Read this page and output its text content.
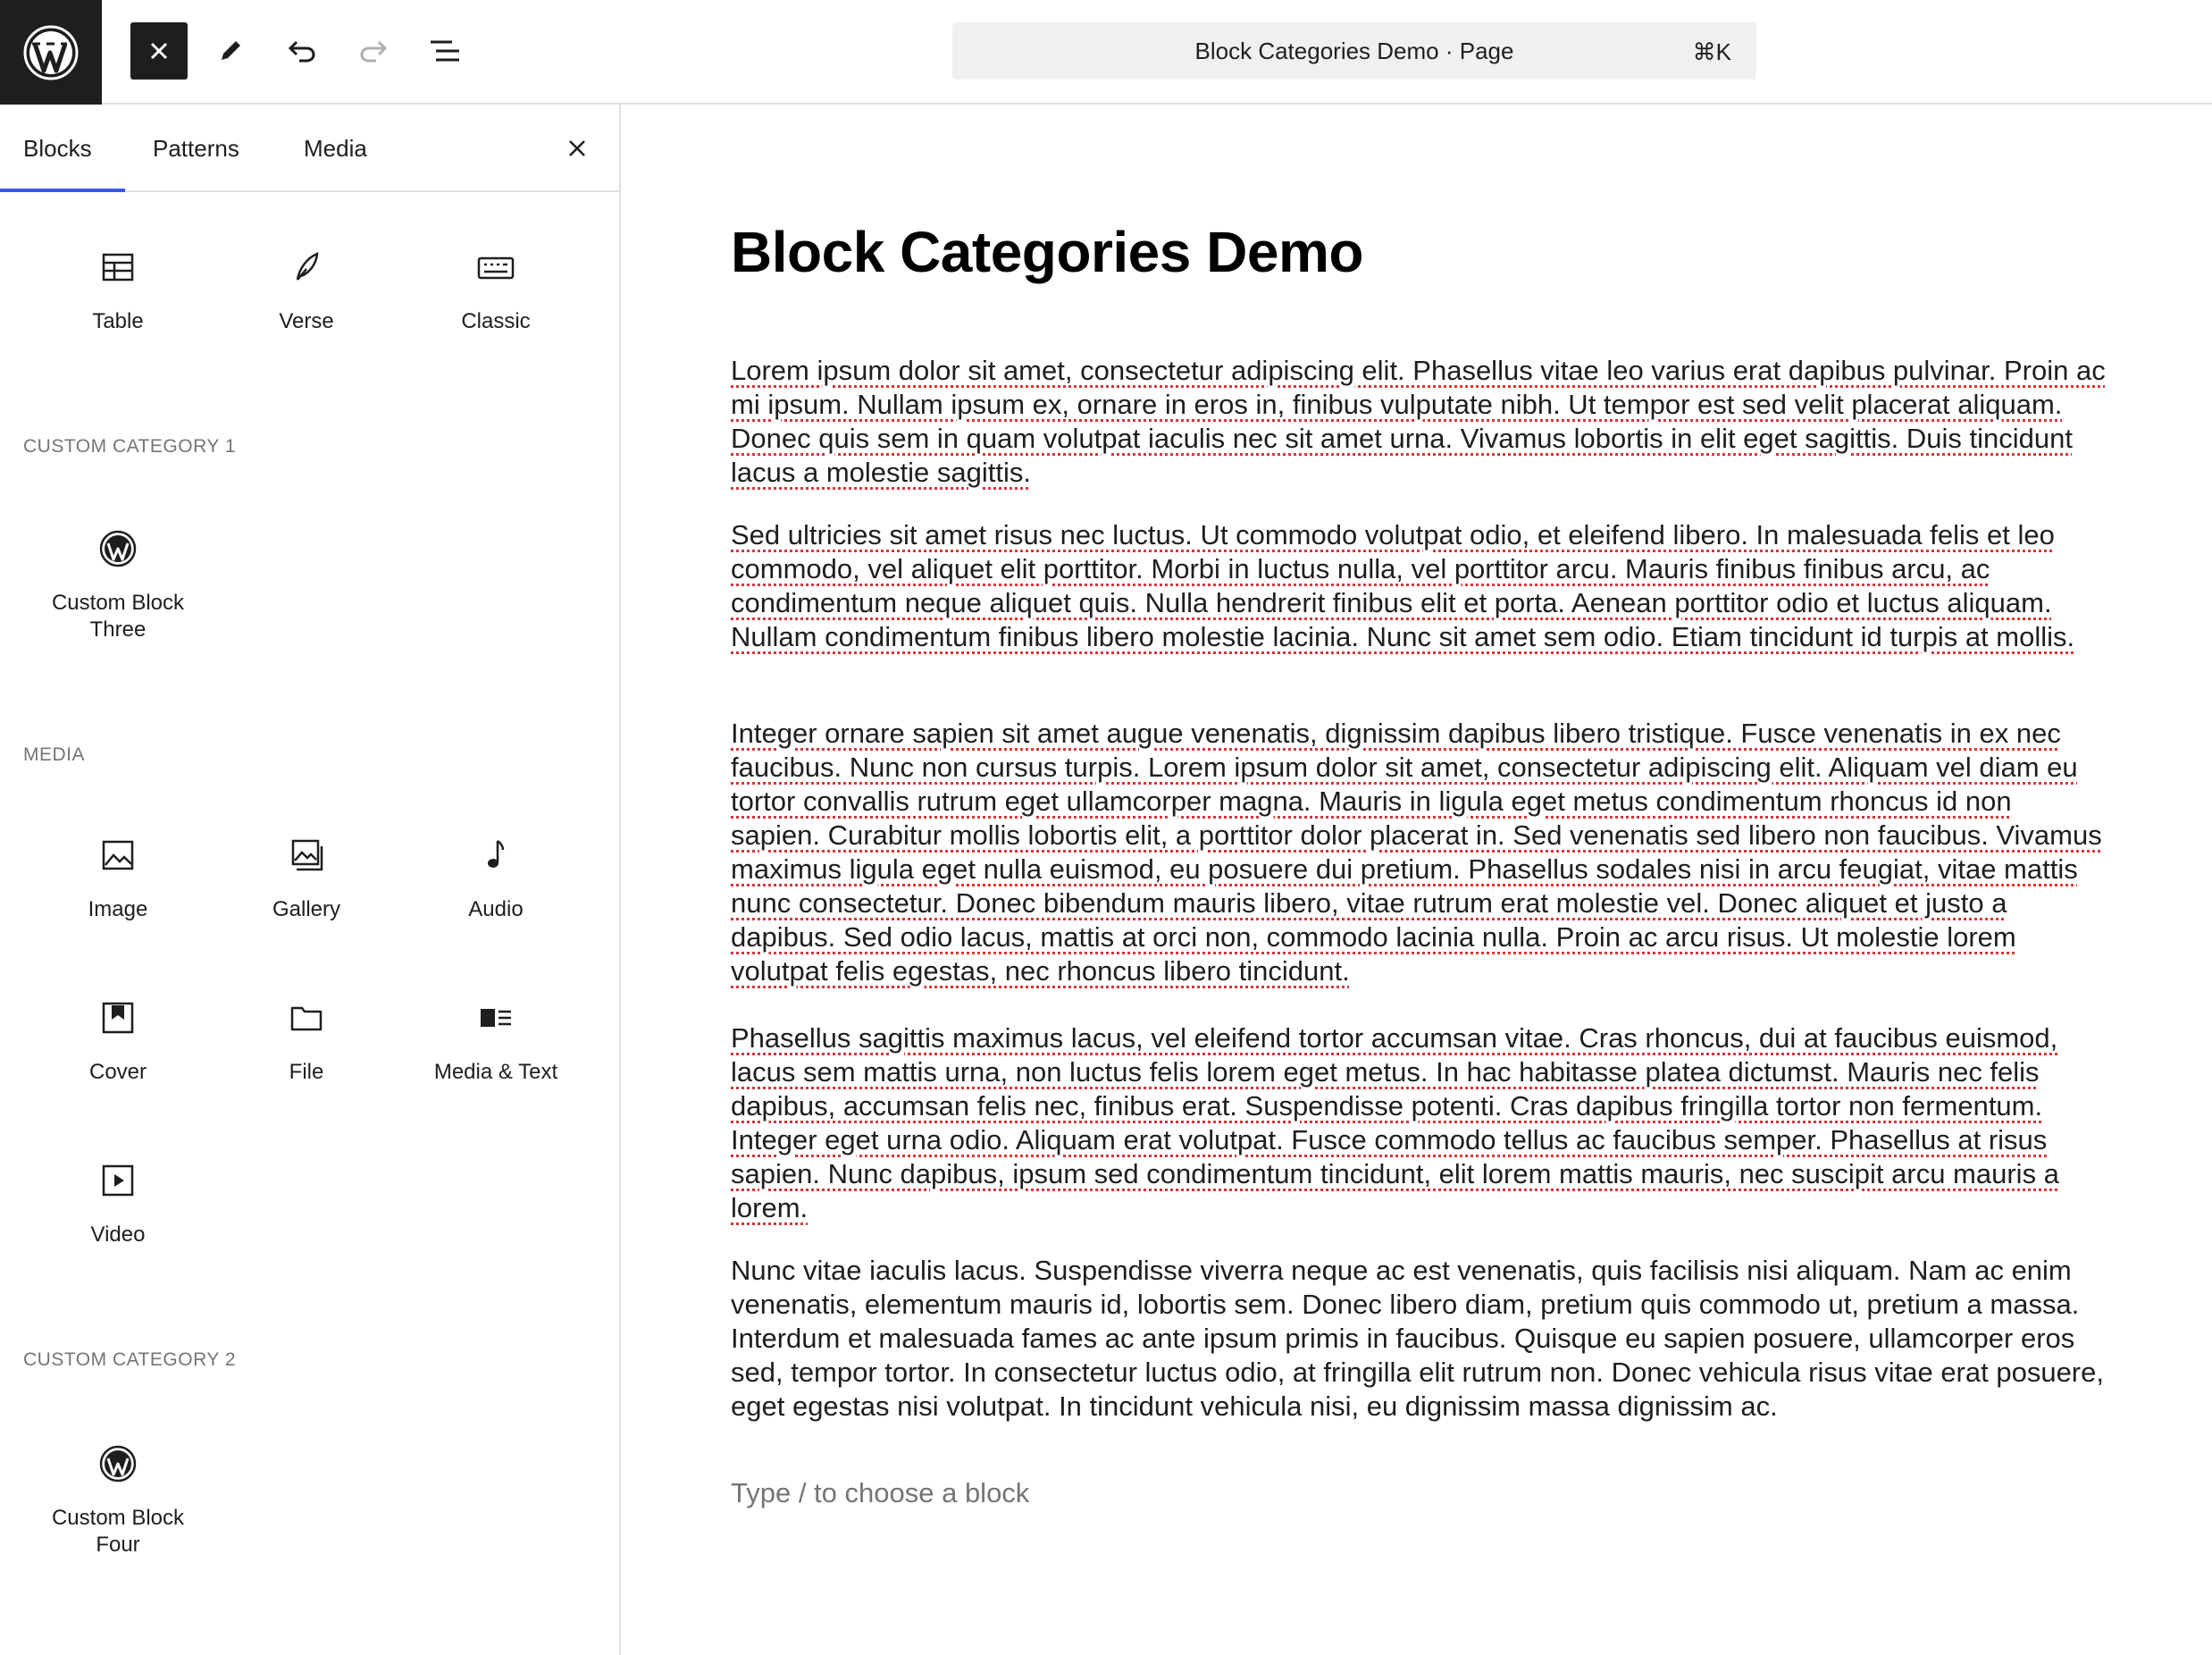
Block Categories Demo · Page	⌘K
Blocks	Patterns	Media
Table	Verse	Classic
CUSTOM CATEGORY 1
Custom Block Three
MEDIA
Image	Gallery	Audio
Cover	File	Media & Text
Video
CUSTOM CATEGORY 2
Custom Block Four
Block Categories Demo

Lorem ipsum dolor sit amet, consectetur adipiscing elit. Phasellus vitae leo varius erat dapibus pulvinar. Proin ac mi ipsum. Nullam ipsum ex, ornare in eros in, finibus vulputate nibh. Ut tempor est sed velit placerat aliquam. Donec quis sem in quam volutpat iaculis nec sit amet urna. Vivamus lobortis in elit eget sagittis. Duis tincidunt lacus a molestie sagittis.

Sed ultricies sit amet risus nec luctus. Ut commodo volutpat odio, et eleifend libero. In malesuada felis et leo commodo, vel aliquet elit porttitor. Morbi in luctus nulla, vel porttitor arcu. Mauris finibus finibus arcu, ac condimentum neque aliquet quis. Nulla hendrerit finibus elit et porta. Aenean porttitor odio et luctus aliquam. Nullam condimentum finibus libero molestie lacinia. Nunc sit amet sem odio. Etiam tincidunt id turpis at mollis.

Integer ornare sapien sit amet augue venenatis, dignissim dapibus libero tristique. Fusce venenatis in ex nec faucibus. Nunc non cursus turpis. Lorem ipsum dolor sit amet, consectetur adipiscing elit. Aliquam vel diam eu tortor convallis rutrum eget ullamcorper magna. Mauris in ligula eget metus condimentum rhoncus id non sapien. Curabitur mollis lobortis elit, a porttitor dolor placerat in. Sed venenatis sed libero non faucibus. Vivamus maximus ligula eget nulla euismod, eu posuere dui pretium. Phasellus sodales nisi in arcu feugiat, vitae mattis nunc consectetur. Donec bibendum mauris libero, vitae rutrum erat molestie vel. Donec aliquet et justo a dapibus. Sed odio lacus, mattis at orci non, commodo lacinia nulla. Proin ac arcu risus. Ut molestie lorem volutpat felis egestas, nec rhoncus libero tincidunt.

Phasellus sagittis maximus lacus, vel eleifend tortor accumsan vitae. Cras rhoncus, dui at faucibus euismod, lacus sem mattis urna, non luctus felis lorem eget metus. In hac habitasse platea dictumst. Mauris nec felis dapibus, accumsan felis nec, finibus erat. Suspendisse potenti. Cras dapibus fringilla tortor non fermentum. Integer eget urna odio. Aliquam erat volutpat. Fusce commodo tellus ac faucibus semper. Phasellus at risus sapien. Nunc dapibus, ipsum sed condimentum tincidunt, elit lorem mattis mauris, nec suscipit arcu mauris a lorem.

Nunc vitae iaculis lacus. Suspendisse viverra neque ac est venenatis, quis facilisis nisi aliquam. Nam ac enim venenatis, elementum mauris id, lobortis sem. Donec libero diam, pretium quis commodo ut, pretium a massa. Interdum et malesuada fames ac ante ipsum primis in faucibus. Quisque eu sapien posuere, ullamcorper eros sed, tempor tortor. In consectetur luctus odio, at fringilla elit rutrum non. Donec vehicula risus vitae erat posuere, eget egestas nisi volutpat. In tincidunt vehicula nisi, eu dignissim massa dignissim ac.

Type / to choose a block
